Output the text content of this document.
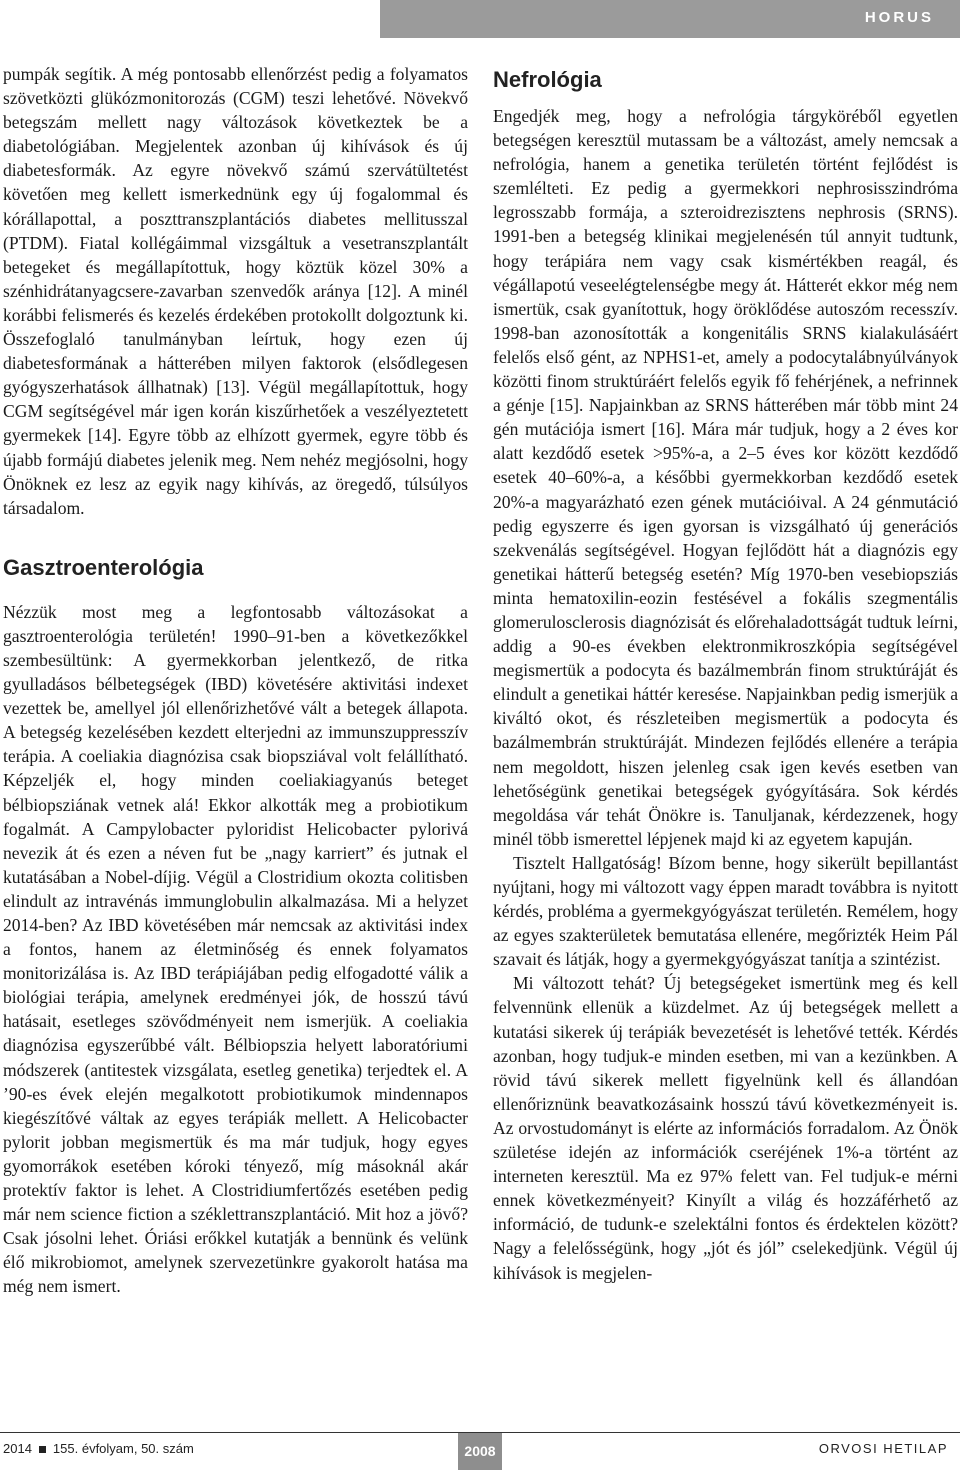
HORUS

pumpák segítik. A még pontosabb ellenőrzést pedig a folyamatos szövetközti glükózmonitorozás (CGM) teszi lehetővé. Növekvő betegszám mellett nagy változások következtek be a diabetológiában. Megjelentek azonban új kihívások és új diabetesformák. Az egyre növekvő számú szervátültetést követően meg kellett ismerkednünk egy új fogalommal és kórállapottal, a poszttranszplantációs diabetes mellitusszal (PTDM). Fiatal kollégáimmal vizsgáltuk a vesetranszplantált betegeket és megállapítottuk, hogy köztük közel 30% a szénhidrátanyagcsere-zavarban szenvedők aránya [12]. A minél korábbi felismerés és kezelés érdekében protokollt dolgoztunk ki. Összefoglaló tanulmányban leírtuk, hogy ezen új diabetesformának a hátterében milyen faktorok (elsődlegesen gyógyszerhatások állhatnak) [13]. Végül megállapítottuk, hogy CGM segítségével már igen korán kiszűrhetőek a veszélyeztetett gyermekek [14]. Egyre több az elhízott gyermek, egyre több és újabb formájú diabetes jelenik meg. Nem nehéz megjósolni, hogy Önöknek ez lesz az egyik nagy kihívás, az öregedő, túlsúlyos társadalom.

Gasztroenterológia

Nézzük most meg a legfontosabb változásokat a gasztroenterológia területén! 1990–91-ben a következőkkel szembesültünk: A gyermekkorban jelentkező, de ritka gyulladásos bélbetegségek (IBD) követésére aktivitási indexet vezettek be, amellyel jól ellenőrizhetővé vált a betegek állapota. A betegség kezelésében kezdett elterjedni az immunszuppresszív terápia. A coeliakia diagnózisa csak biopsziával volt felállítható. Képzeljék el, hogy minden coeliakiagyanús beteget bélbiopsziának vetnek alá! Ekkor alkották meg a probiotikum fogalmát. A Campylobacter pyloridist Helicobacter pylorivá nevezik át és ezen a néven fut be „nagy karriert” és jutnak el kutatásában a Nobel-díjig. Végül a Clostridium okozta colitisben elindult az intravénás immunglobulin alkalmazása. Mi a helyzet 2014-ben? Az IBD követésében már nemcsak az aktivitási index a fontos, hanem az életminőség és ennek folyamatos monitorizálása is. Az IBD terápiájában pedig elfogadotté válik a biológiai terápia, amelynek eredményei jók, de hosszú távú hatásait, esetleges szövődményeit nem ismerjük. A coeliakia diagnózisa egyszerűbbé vált. Bélbiopszia helyett laboratóriumi módszerek (antitestek vizsgálata, esetleg genetika) terjedtek el. A ’90-es évek elején megalkotott probiotikumok mindennapos kiegészítővé váltak az egyes terápiák mellett. A Helicobacter pylorit jobban megismertük és ma már tudjuk, hogy egyes gyomorrákok esetében kóroki tényező, míg másoknál akár protektív faktor is lehet. A Clostridiumfertőzés esetében pedig már nem science fiction a széklettranszplantáció. Mit hoz a jövő? Csak jósolni lehet. Óriási erőkkel kutatják a bennünk és velünk élő mikrobiomot, amelynek szervezetünkre gyakorolt hatása ma még nem ismert.

Nefrológia

Engedjék meg, hogy a nefrológia tárgyköréből egyetlen betegségen keresztül mutassam be a változást, amely nemcsak a nefrológia, hanem a genetika területén történt fejlődést is szemlélteti. Ez pedig a gyermekkori nephrosisszindróma legrosszabb formája, a szteroidrezisztens nephrosis (SRNS). 1991-ben a betegség klinikai megjelenésén túl annyit tudtunk, hogy terápiára nem vagy csak kismértékben reagál, és végállapotú veseelégtelenségbe megy át. Hátterét ekkor még nem ismertük, csak gyanítottuk, hogy öröklődése autoszóm recesszív. 1998-ban azonosították a kongenitális SRNS kialakulásáért felelős első gént, az NPHS1-et, amely a podocytalábnyúlványok közötti finom struktúráért felelős egyik fő fehérjének, a nefrinnek a génje [15]. Napjainkban az SRNS hátterében már több mint 24 gén mutációja ismert [16]. Mára már tudjuk, hogy a 2 éves kor alatt kezdődő esetek >95%-a, a 2–5 éves kor között kezdődő esetek 40–60%-a, a későbbi gyermekkorban kezdődő esetek 20%-a magyarázható ezen gének mutációival. A 24 génmutáció pedig egyszerre és igen gyorsan is vizsgálható új generációs szekvenálás segítségével. Hogyan fejlődött hát a diagnózis egy genetikai hátterű betegség esetén? Míg 1970-ben vesebiopsziás minta hematoxilin-eozin festésével a fokális szegmentális glomerulosclerosis diagnózisát és előrehaladottságát tudtuk leírni, addig a 90-es években elektronmikroszkópia segítségével megismertük a podocyta és bazálmembrán finom struktúráját és elindult a genetikai háttér keresése. Napjainkban pedig ismerjük a kiváltó okot, és részleteiben megismertük a podocyta és bazálmembrán struktúráját. Mindezen fejlődés ellenére a terápia nem megoldott, hiszen jelenleg csak igen kevés esetben van lehetőségünk genetikai betegségek gyógyítására. Sok kérdés megoldása vár tehát Önökre is. Tanuljanak, kérdezzenek, hogy minél több ismerettel lépjenek majd ki az egyetem kapuján.

Tisztelt Hallgatóság! Bízom benne, hogy sikerült bepillantást nyújtani, hogy mi változott vagy éppen maradt továbbra is nyitott kérdés, probléma a gyermekgyógyászat területén. Remélem, hogy az egyes szakterületek bemutatása ellenére, megőrizték Heim Pál szavait és látják, hogy a gyermekgyógyászat tanítja a szintézist.

Mi változott tehát? Új betegségeket ismertünk meg és kell felvennünk ellenük a küzdelmet. Az új betegségek mellett a kutatási sikerek új terápiák bevezetését is lehetővé tették. Kérdés azonban, hogy tudjuk-e minden esetben, mi van a kezünkben. A rövid távú sikerek mellett figyelnünk kell és állandóan ellenőriznünk beavatkozásaink hosszú távú következményeit is. Az orvostudományt is elérte az információs forradalom. Az Önök születése idején az információk cseréjének 1%-a történt az interneten keresztül. Ma ez 97% felett van. Fel tudjuk-e mérni ennek következményeit? Kinyílt a világ és hozzáférhető az információ, de tudunk-e szelektálni fontos és érdektelen között? Nagy a felelősségünk, hogy „jót és jól” cselekedjünk. Végül új kihívások is megjelen-

2014 155. évfolyam, 50. szám	2008	ORVOSI HETILAP
